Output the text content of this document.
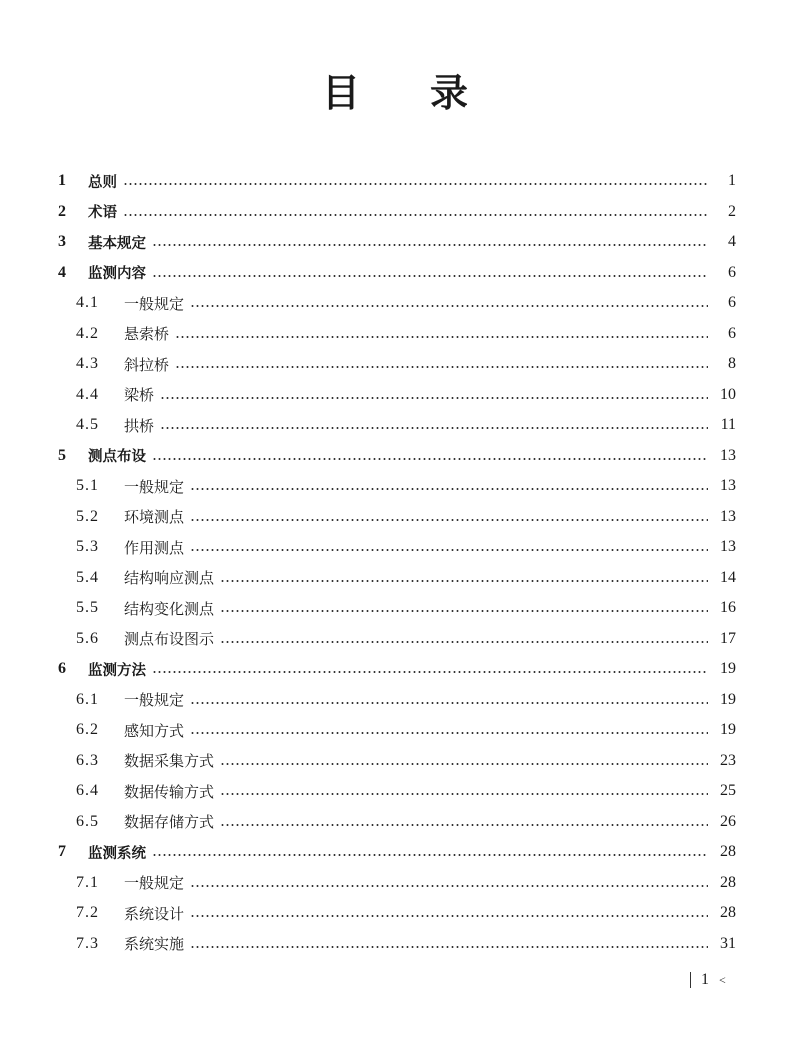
目 录
1	总则	1
2	术语	2
3	基本规定	4
4	监测内容	6
4.1	一般规定	6
4.2	悬索桥	6
4.3	斜拉桥	8
4.4	梁桥	10
4.5	拱桥	11
5	测点布设	13
5.1	一般规定	13
5.2	环境测点	13
5.3	作用测点	13
5.4	结构响应测点	14
5.5	结构变化测点	16
5.6	测点布设图示	17
6	监测方法	19
6.1	一般规定	19
6.2	感知方式	19
6.3	数据采集方式	23
6.4	数据传输方式	25
6.5	数据存储方式	26
7	监测系统	28
7.1	一般规定	28
7.2	系统设计	28
7.3	系统实施	31
1 <
